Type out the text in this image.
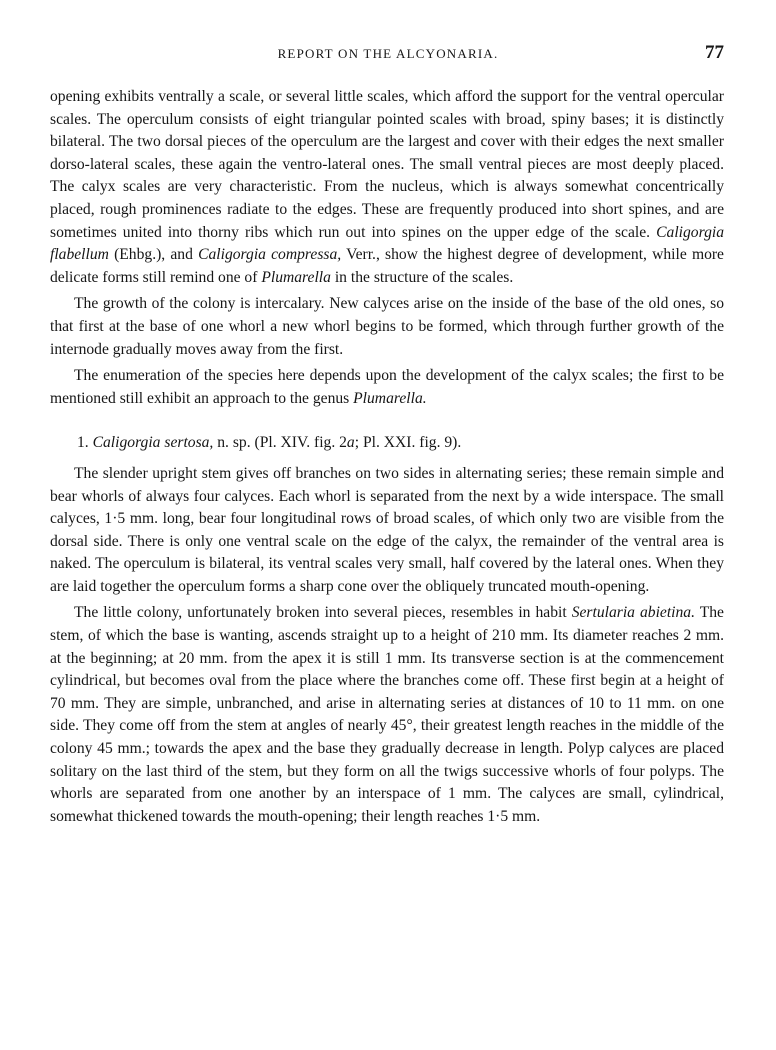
REPORT ON THE ALCYONARIA.	77

opening exhibits ventrally a scale, or several little scales, which afford the support for the ventral opercular scales. The operculum consists of eight triangular pointed scales with broad, spiny bases; it is distinctly bilateral. The two dorsal pieces of the operculum are the largest and cover with their edges the next smaller dorso-lateral scales, these again the ventro-lateral ones. The small ventral pieces are most deeply placed. The calyx scales are very characteristic. From the nucleus, which is always somewhat concentrically placed, rough prominences radiate to the edges. These are frequently produced into short spines, and are sometimes united into thorny ribs which run out into spines on the upper edge of the scale. Caligorgia flabellum (Ehbg.), and Caligorgia compressa, Verr., show the highest degree of development, while more delicate forms still remind one of Plumarella in the structure of the scales.

The growth of the colony is intercalary. New calyces arise on the inside of the base of the old ones, so that first at the base of one whorl a new whorl begins to be formed, which through further growth of the internode gradually moves away from the first.

The enumeration of the species here depends upon the development of the calyx scales; the first to be mentioned still exhibit an approach to the genus Plumarella.

1. Caligorgia sertosa, n. sp. (Pl. XIV. fig. 2a; Pl. XXI. fig. 9).

The slender upright stem gives off branches on two sides in alternating series; these remain simple and bear whorls of always four calyces. Each whorl is separated from the next by a wide interspace. The small calyces, 1·5 mm. long, bear four longitudinal rows of broad scales, of which only two are visible from the dorsal side. There is only one ventral scale on the edge of the calyx, the remainder of the ventral area is naked. The operculum is bilateral, its ventral scales very small, half covered by the lateral ones. When they are laid together the operculum forms a sharp cone over the obliquely truncated mouth-opening.

The little colony, unfortunately broken into several pieces, resembles in habit Sertularia abietina. The stem, of which the base is wanting, ascends straight up to a height of 210 mm. Its diameter reaches 2 mm. at the beginning; at 20 mm. from the apex it is still 1 mm. Its transverse section is at the commencement cylindrical, but becomes oval from the place where the branches come off. These first begin at a height of 70 mm. They are simple, unbranched, and arise in alternating series at distances of 10 to 11 mm. on one side. They come off from the stem at angles of nearly 45°, their greatest length reaches in the middle of the colony 45 mm.; towards the apex and the base they gradually decrease in length. Polyp calyces are placed solitary on the last third of the stem, but they form on all the twigs successive whorls of four polyps. The whorls are separated from one another by an interspace of 1 mm. The calyces are small, cylindrical, somewhat thickened towards the mouth-opening; their length reaches 1·5 mm.
